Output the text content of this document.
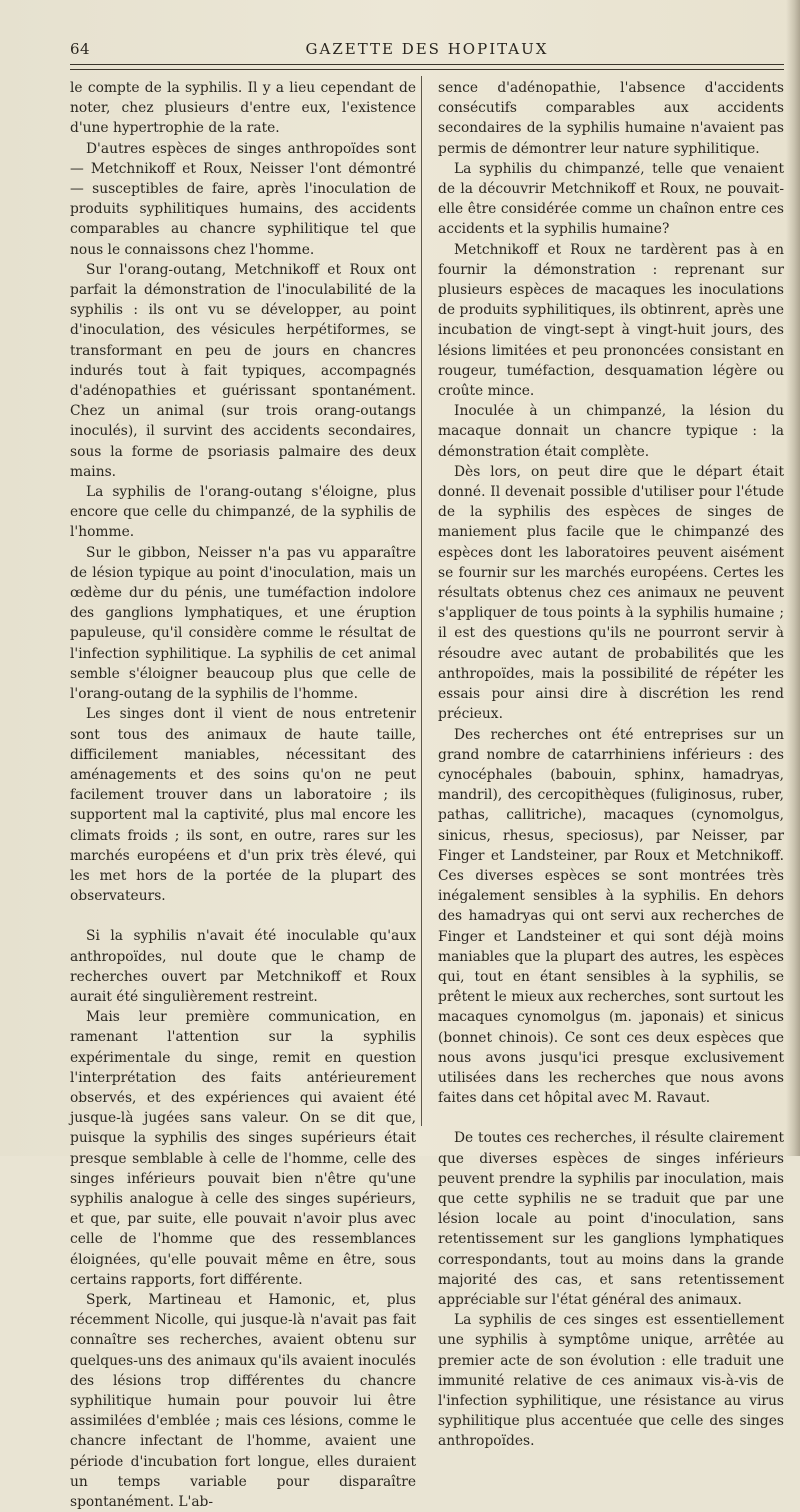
64	GAZETTE DES HOPITAUX

le compte de la syphilis. Il y a lieu cependant de noter, chez plusieurs d'entre eux, l'existence d'une hypertrophie de la rate.

D'autres espèces de singes anthropoïdes sont — Metchnikoff et Roux, Neisser l'ont démontré — susceptibles de faire, après l'inoculation de produits syphilitiques humains, des accidents comparables au chancre syphilitique tel que nous le connaissons chez l'homme.

Sur l'orang-outang, Metchnikoff et Roux ont parfait la démonstration de l'inoculabilité de la syphilis : ils ont vu se développer, au point d'inoculation, des vésicules herpétiformes, se transformant en peu de jours en chancres indurés tout à fait typiques, accompagnés d'adénopathies et guérissant spontanément. Chez un animal (sur trois orang-outangs inoculés), il survint des accidents secondaires, sous la forme de psoriasis palmaire des deux mains.

La syphilis de l'orang-outang s'éloigne, plus encore que celle du chimpanzé, de la syphilis de l'homme.

Sur le gibbon, Neisser n'a pas vu apparaître de lésion typique au point d'inoculation, mais un œdème dur du pénis, une tuméfaction indolore des ganglions lymphatiques, et une éruption papuleuse, qu'il considère comme le résultat de l'infection syphilitique. La syphilis de cet animal semble s'éloigner beaucoup plus que celle de l'orang-outang de la syphilis de l'homme.

Les singes dont il vient de nous entretenir sont tous des animaux de haute taille, difficilement maniables, nécessitant des aménagements et des soins qu'on ne peut facilement trouver dans un laboratoire ; ils supportent mal la captivité, plus mal encore les climats froids ; ils sont, en outre, rares sur les marchés européens et d'un prix très élevé, qui les met hors de la portée de la plupart des observateurs.

Si la syphilis n'avait été inoculable qu'aux anthropoïdes, nul doute que le champ de recherches ouvert par Metchnikoff et Roux aurait été singulièrement restreint.

Mais leur première communication, en ramenant l'attention sur la syphilis expérimentale du singe, remit en question l'interprétation des faits antérieurement observés, et des expériences qui avaient été jusque-là jugées sans valeur. On se dit que, puisque la syphilis des singes supérieurs était presque semblable à celle de l'homme, celle des singes inférieurs pouvait bien n'être qu'une syphilis analogue à celle des singes supérieurs, et que, par suite, elle pouvait n'avoir plus avec celle de l'homme que des ressemblances éloignées, qu'elle pouvait même en être, sous certains rapports, fort différente.

Sperk, Martineau et Hamonic, et, plus récemment Nicolle, qui jusque-là n'avait pas fait connaître ses recherches, avaient obtenu sur quelques-uns des animaux qu'ils avaient inoculés des lésions trop différentes du chancre syphilitique humain pour pouvoir lui être assimilées d'emblée ; mais ces lésions, comme le chancre infectant de l'homme, avaient une période d'incubation fort longue, elles duraient un temps variable pour disparaître spontanément. L'ab-

sence d'adénopathie, l'absence d'accidents consécutifs comparables aux accidents secondaires de la syphilis humaine n'avaient pas permis de démontrer leur nature syphilitique.

La syphilis du chimpanzé, telle que venaient de la découvrir Metchnikoff et Roux, ne pouvait-elle être considérée comme un chaînon entre ces accidents et la syphilis humaine?

Metchnikoff et Roux ne tardèrent pas à en fournir la démonstration : reprenant sur plusieurs espèces de macaques les inoculations de produits syphilitiques, ils obtinrent, après une incubation de vingt-sept à vingt-huit jours, des lésions limitées et peu prononcées consistant en rougeur, tuméfaction, desquamation légère ou croûte mince.

Inoculée à un chimpanzé, la lésion du macaque donnait un chancre typique : la démonstration était complète.

Dès lors, on peut dire que le départ était donné. Il devenait possible d'utiliser pour l'étude de la syphilis des espèces de singes de maniement plus facile que le chimpanzé des espèces dont les laboratoires peuvent aisément se fournir sur les marchés européens. Certes les résultats obtenus chez ces animaux ne peuvent s'appliquer de tous points à la syphilis humaine ; il est des questions qu'ils ne pourront servir à résoudre avec autant de probabilités que les anthropoïdes, mais la possibilité de répéter les essais pour ainsi dire à discrétion les rend précieux.

Des recherches ont été entreprises sur un grand nombre de catarrhiniens inférieurs : des cynocéphales (babouin, sphinx, hamadryas, mandril), des cercopithèques (fuliginosus, ruber, pathas, callitriche), macaques (cynomolgus, sinicus, rhesus, speciosus), par Neisser, par Finger et Landsteiner, par Roux et Metchnikoff. Ces diverses espèces se sont montrées très inégalement sensibles à la syphilis. En dehors des hamadryas qui ont servi aux recherches de Finger et Landsteiner et qui sont déjà moins maniables que la plupart des autres, les espèces qui, tout en étant sensibles à la syphilis, se prêtent le mieux aux recherches, sont surtout les macaques cynomolgus (m. japonais) et sinicus (bonnet chinois). Ce sont ces deux espèces que nous avons jusqu'ici presque exclusivement utilisées dans les recherches que nous avons faites dans cet hôpital avec M. Ravaut.

De toutes ces recherches, il résulte clairement que diverses espèces de singes inférieurs peuvent prendre la syphilis par inoculation, mais que cette syphilis ne se traduit que par une lésion locale au point d'inoculation, sans retentissement sur les ganglions lymphatiques correspondants, tout au moins dans la grande majorité des cas, et sans retentissement appréciable sur l'état général des animaux.

La syphilis de ces singes est essentiellement une syphilis à symptôme unique, arrêtée au premier acte de son évolution : elle traduit une immunité relative de ces animaux vis-à-vis de l'infection syphilitique, une résistance au virus syphilitique plus accentuée que celle des singes anthropoïdes.
